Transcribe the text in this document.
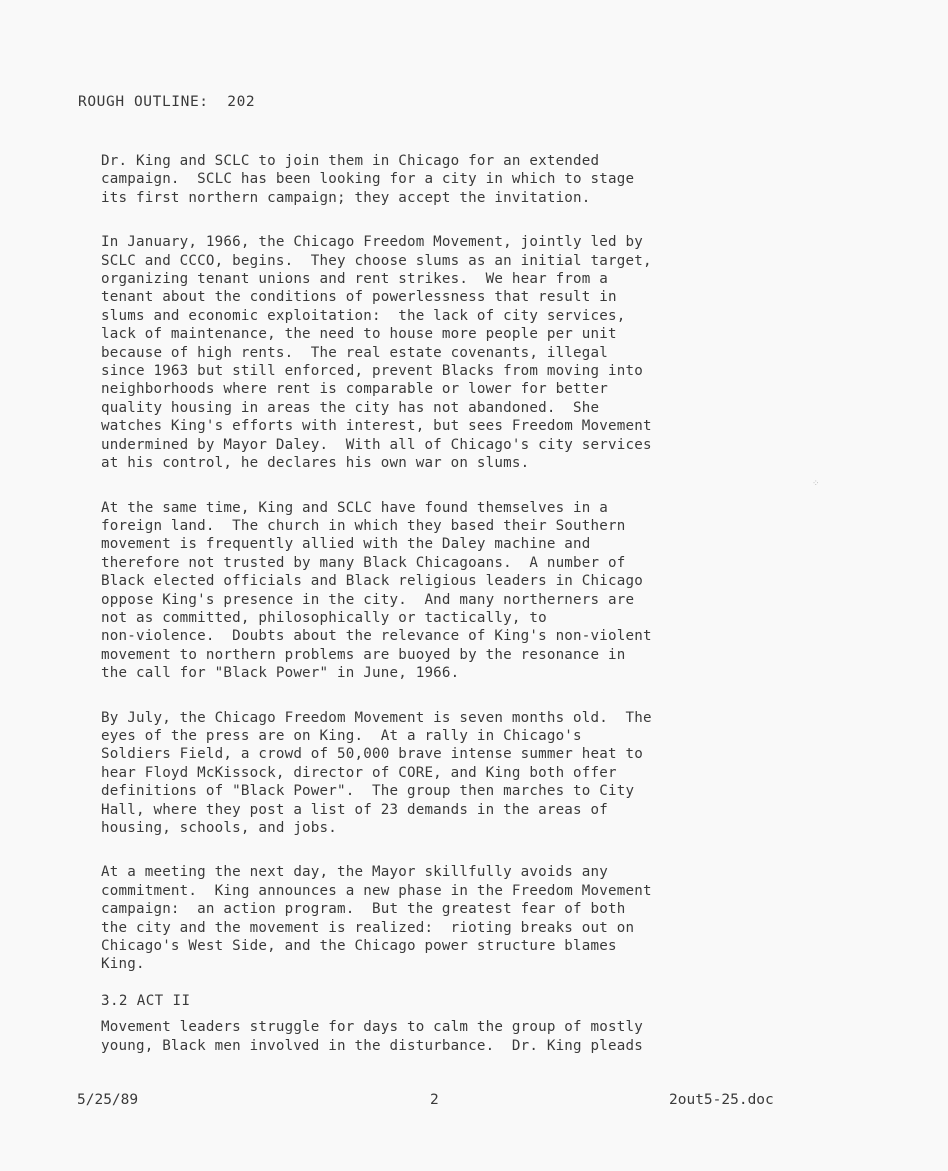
ROUGH OUTLINE:  202

Dr. King and SCLC to join them in Chicago for an extended
campaign.  SCLC has been looking for a city in which to stage
its first northern campaign; they accept the invitation.

In January, 1966, the Chicago Freedom Movement, jointly led by
SCLC and CCCO, begins.  They choose slums as an initial target,
organizing tenant unions and rent strikes.  We hear from a
tenant about the conditions of powerlessness that result in
slums and economic exploitation:  the lack of city services,
lack of maintenance, the need to house more people per unit
because of high rents.  The real estate covenants, illegal
since 1963 but still enforced, prevent Blacks from moving into
neighborhoods where rent is comparable or lower for better
quality housing in areas the city has not abandoned.  She
watches King's efforts with interest, but sees Freedom Movement
undermined by Mayor Daley.  With all of Chicago's city services
at his control, he declares his own war on slums.

At the same time, King and SCLC have found themselves in a
foreign land.  The church in which they based their Southern
movement is frequently allied with the Daley machine and
therefore not trusted by many Black Chicagoans.  A number of
Black elected officials and Black religious leaders in Chicago
oppose King's presence in the city.  And many northerners are
not as committed, philosophically or tactically, to
non-violence.  Doubts about the relevance of King's non-violent
movement to northern problems are buoyed by the resonance in
the call for "Black Power" in June, 1966.

By July, the Chicago Freedom Movement is seven months old.  The
eyes of the press are on King.  At a rally in Chicago's
Soldiers Field, a crowd of 50,000 brave intense summer heat to
hear Floyd McKissock, director of CORE, and King both offer
definitions of "Black Power".  The group then marches to City
Hall, where they post a list of 23 demands in the areas of
housing, schools, and jobs.

At a meeting the next day, the Mayor skillfully avoids any
commitment.  King announces a new phase in the Freedom Movement
campaign:  an action program.  But the greatest fear of both
the city and the movement is realized:  rioting breaks out on
Chicago's West Side, and the Chicago power structure blames
King.

3.2 ACT II

Movement leaders struggle for days to calm the group of mostly
young, Black men involved in the disturbance.  Dr. King pleads

⁘
5/25/89	2	2out5-25.doc
